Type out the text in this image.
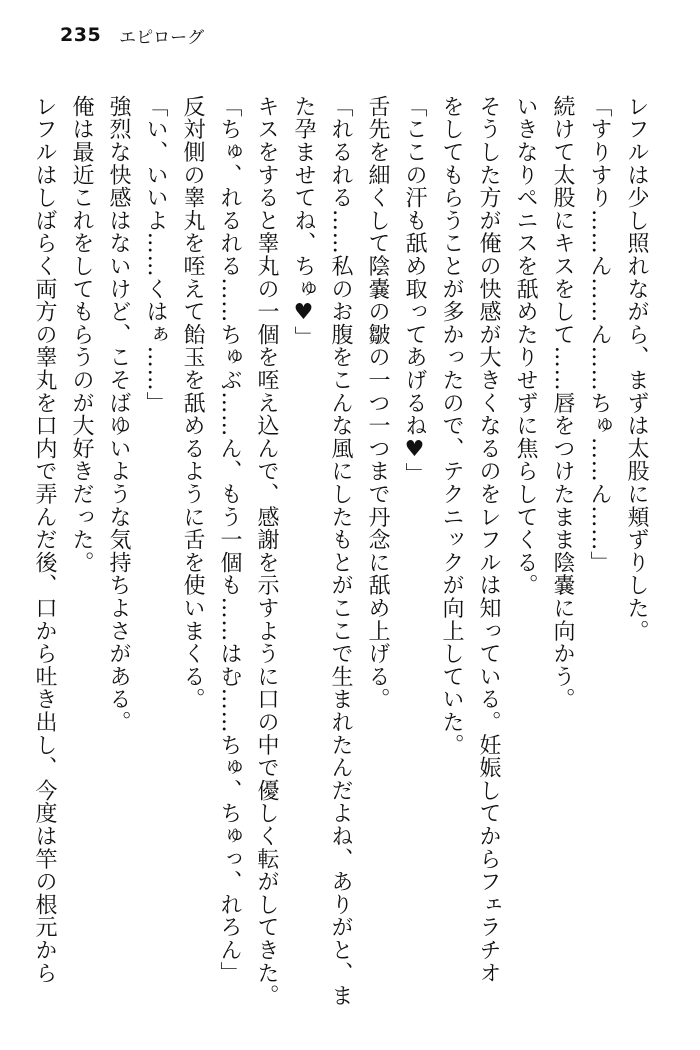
235 エピローグ

レフルは少し照れながら、まずは太股に頬ずりした。

「すりすり……ん……ん……ちゅ……ん……」

続けて太股にキスをして……唇をつけたまま陰嚢に向かう。

いきなりペニスを舐めたりせずに焦らしてくる。

そうした方が俺の快感が大きくなるのをレフルは知っている。妊娠してからフェラチオ

をしてもらうことが多かったので、テクニックが向上していた。

「ここの汗も舐め取ってあげるね♥」

舌先を細くして陰嚢の皺の一つ一つまで丹念に舐め上げる。

「れるれる……私のお腹をこんな風にしたもとがここで生まれたんだよね、ありがと、ま

た孕ませてね、ちゅ♥」

キスをすると睾丸の一個を咥え込んで、感謝を示すように口の中で優しく転がしてきた。

「ちゅ、れるれる……ちゅぶ……ん、もう一個も……はむ……ちゅ、ちゅっ、れろん」

反対側の睾丸を咥えて飴玉を舐めるように舌を使いまくる。

「い、いいよ……くはぁ……」

強烈な快感はないけど、こそばゆいような気持ちよさがある。

俺は最近これをしてもらうのが大好きだった。

レフルはしばらく両方の睾丸を口内で弄んだ後、口から吐き出し、今度は竿の根元から
